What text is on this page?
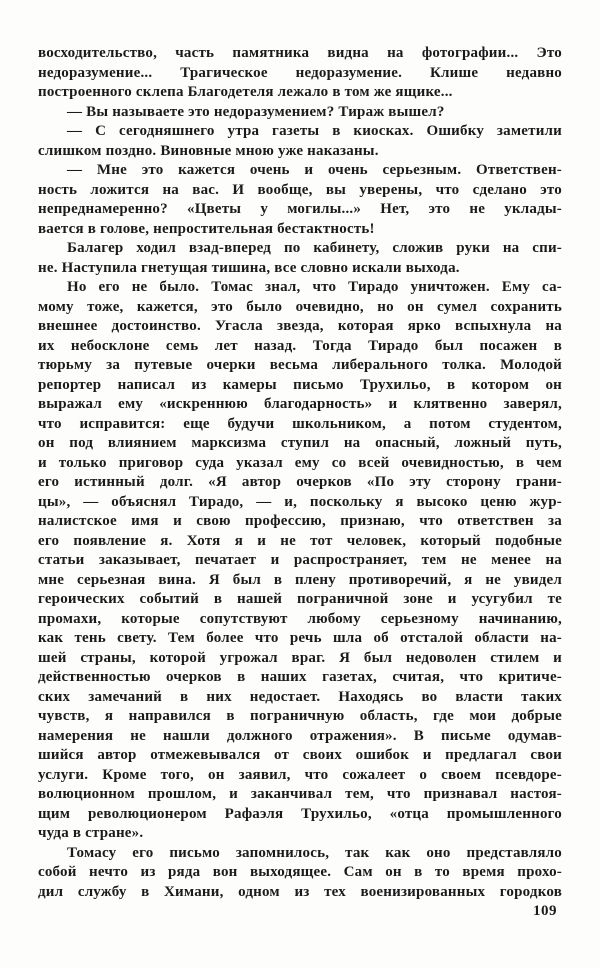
восходительство, часть памятника видна на фотографии... Это
недоразумение... Трагическое недоразумение. Клише недавно
построенного склепа Благодетеля лежало в том же ящике...
— Вы называете это недоразумением? Тираж вышел?
— С сегодняшнего утра газеты в киосках. Ошибку заметили
слишком поздно. Виновные мною уже наказаны.
— Мне это кажется очень и очень серьезным. Ответствен-
ность ложится на вас. И вообще, вы уверены, что сделано это
непреднамеренно? «Цветы у могилы...» Нет, это не уклады-
вается в голове, непростительная бестактность!
Балагер ходил взад-вперед по кабинету, сложив руки на спи-
не. Наступила гнетущая тишина, все словно искали выхода.
Но его не было. Томас знал, что Тирадо уничтожен. Ему са-
мому тоже, кажется, это было очевидно, но он сумел сохранить
внешнее достоинство. Угасла звезда, которая ярко вспыхнула на
их небосклоне семь лет назад. Тогда Тирадо был посажен в
тюрьму за путевые очерки весьма либерального толка. Молодой
репортер написал из камеры письмо Трухильо, в котором он
выражал ему «искреннюю благодарность» и клятвенно заверял,
что исправится: еще будучи школьником, а потом студентом,
он под влиянием марксизма ступил на опасный, ложный путь,
и только приговор суда указал ему со всей очевидностью, в чем
его истинный долг. «Я автор очерков «По эту сторону грани-
цы», — объяснял Тирадо, — и, поскольку я высоко ценю жур-
налистское имя и свою профессию, признаю, что ответствен за
его появление я. Хотя я и не тот человек, который подобные
статьи заказывает, печатает и распространяет, тем не менее на
мне серьезная вина. Я был в плену противоречий, я не увидел
героических событий в нашей пограничной зоне и усугубил те
промахи, которые сопутствуют любому серьезному начинанию,
как тень свету. Тем более что речь шла об отсталой области на-
шей страны, которой угрожал враг. Я был недоволен стилем и
действенностью очерков в наших газетах, считая, что критиче-
ских замечаний в них недостает. Находясь во власти таких
чувств, я направился в пограничную область, где мои добрые
намерения не нашли должного отражения». В письме одумав-
шийся автор отмежевывался от своих ошибок и предлагал свои
услуги. Кроме того, он заявил, что сожалеет о своем псевдоре-
волюционном прошлом, и заканчивал тем, что признавал настоя-
щим революционером Рафаэля Трухильо, «отца промышленного
чуда в стране».
Томасу его письмо запомнилось, так как оно представляло
собой нечто из ряда вон выходящее. Сам он в то время прохо-
дил службу в Химани, одном из тех военизированных городков
109
